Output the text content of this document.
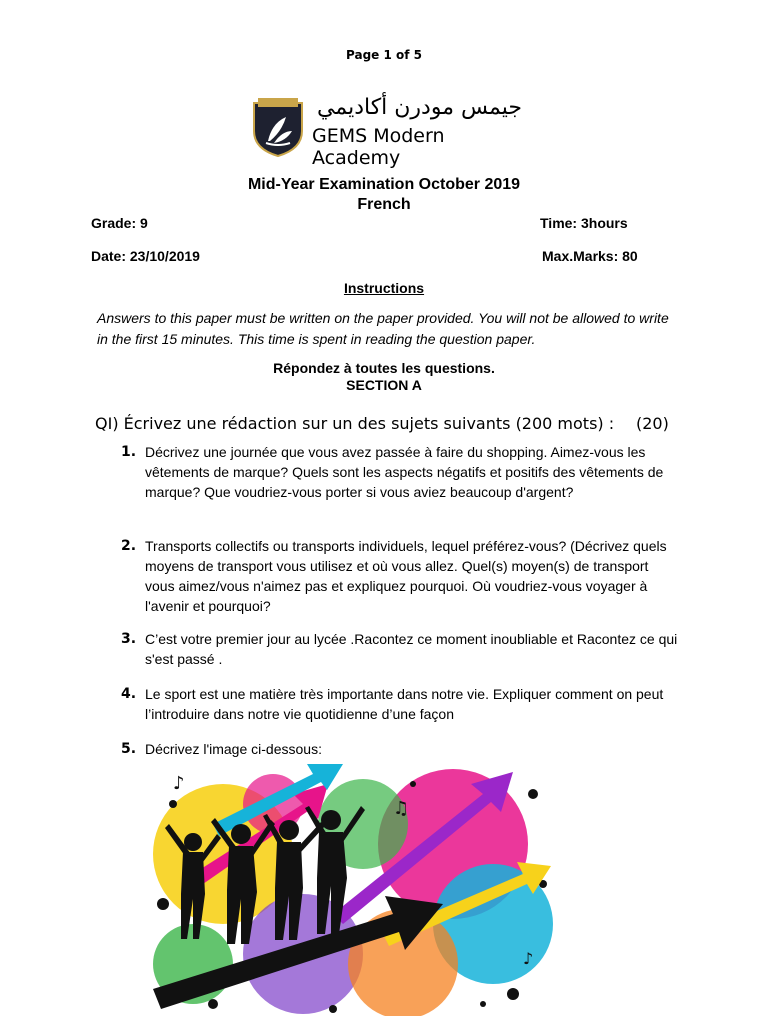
Page 1 of 5
جيمس مودرن أكاديمي
GEMS Modern Academy
Mid-Year Examination October 2019
French
Grade: 9	Time: 3hours
Date: 23/10/2019	Max.Marks: 80
Instructions
Answers to this paper must be written on the paper provided. You will not be allowed to write in the first 15 minutes. This time is spent in reading the question paper.
Répondez à toutes les questions.
SECTION A
QI) Écrivez une rédaction sur un des sujets suivants (200 mots) :	(20)
1. Décrivez une journée que vous avez passée à faire du shopping. Aimez-vous les vêtements de marque? Quels sont les aspects négatifs et positifs des vêtements de marque? Que voudriez-vous porter si vous aviez beaucoup d'argent?
2. Transports collectifs ou transports individuels, lequel préférez-vous? (Décrivez quels moyens de transport vous utilisez et où vous allez. Quel(s) moyen(s) de transport vous aimez/vous n'aimez pas et expliquez pourquoi. Où voudriez-vous voyager à l'avenir et pourquoi?
3. C’est votre premier jour au lycée .Racontez ce moment inoubliable et Racontez ce qui s'est passé .
4. Le sport est une matière très importante dans notre vie. Expliquer comment on peut l’introduire dans notre vie quotidienne d’une façon
5. Décrivez l'image ci-dessous:
♪
♫
♪
